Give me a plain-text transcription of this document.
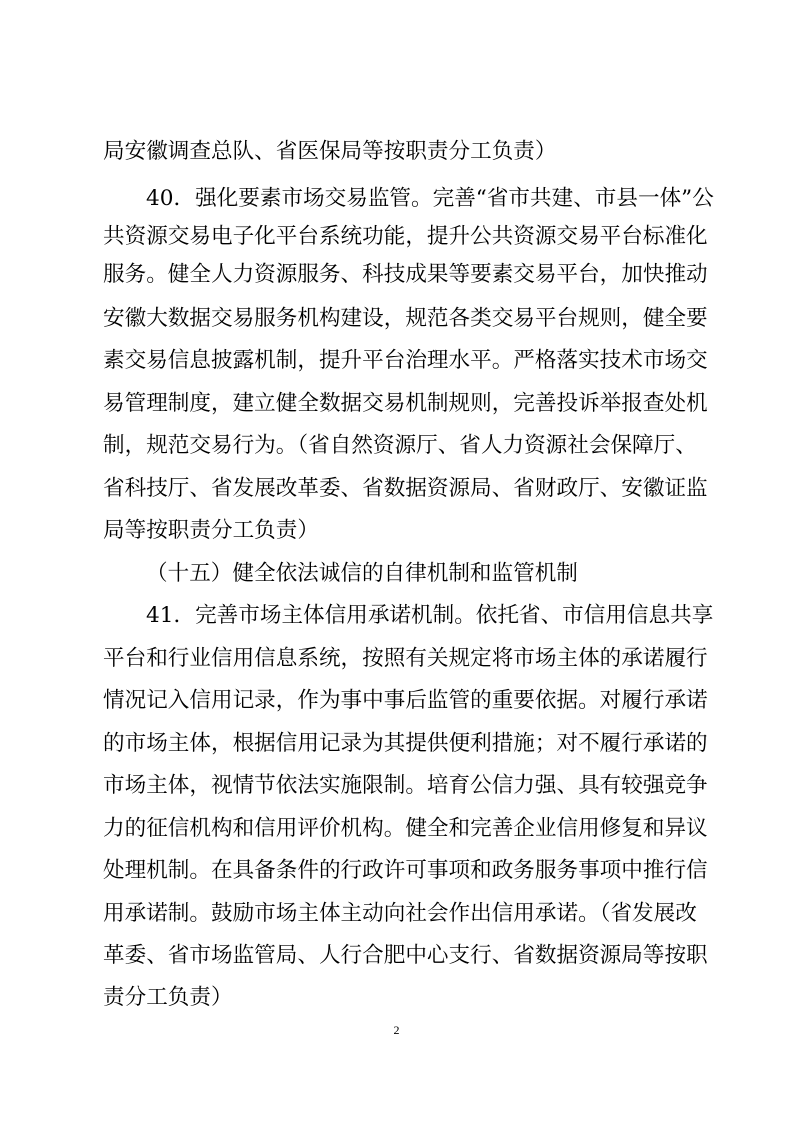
局安徽调查总队、省医保局等按职责分工负责）
40．强化要素市场交易监管。完善“省市共建、市县一体”公
共资源交易电子化平台系统功能，提升公共资源交易平台标准化
服务。健全人力资源服务、科技成果等要素交易平台，加快推动
安徽大数据交易服务机构建设，规范各类交易平台规则，健全要
素交易信息披露机制，提升平台治理水平。严格落实技术市场交
易管理制度，建立健全数据交易机制规则，完善投诉举报查处机
制，规范交易行为。（省自然资源厅、省人力资源社会保障厅、
省科技厅、省发展改革委、省数据资源局、省财政厅、安徽证监
局等按职责分工负责）
（十五）健全依法诚信的自律机制和监管机制
41．完善市场主体信用承诺机制。依托省、市信用信息共享
平台和行业信用信息系统，按照有关规定将市场主体的承诺履行
情况记入信用记录，作为事中事后监管的重要依据。对履行承诺
的市场主体，根据信用记录为其提供便利措施；对不履行承诺的
市场主体，视情节依法实施限制。培育公信力强、具有较强竞争
力的征信机构和信用评价机构。健全和完善企业信用修复和异议
处理机制。在具备条件的行政许可事项和政务服务事项中推行信
用承诺制。鼓励市场主体主动向社会作出信用承诺。（省发展改
革委、省市场监管局、人行合肥中心支行、省数据资源局等按职
责分工负责）
2
